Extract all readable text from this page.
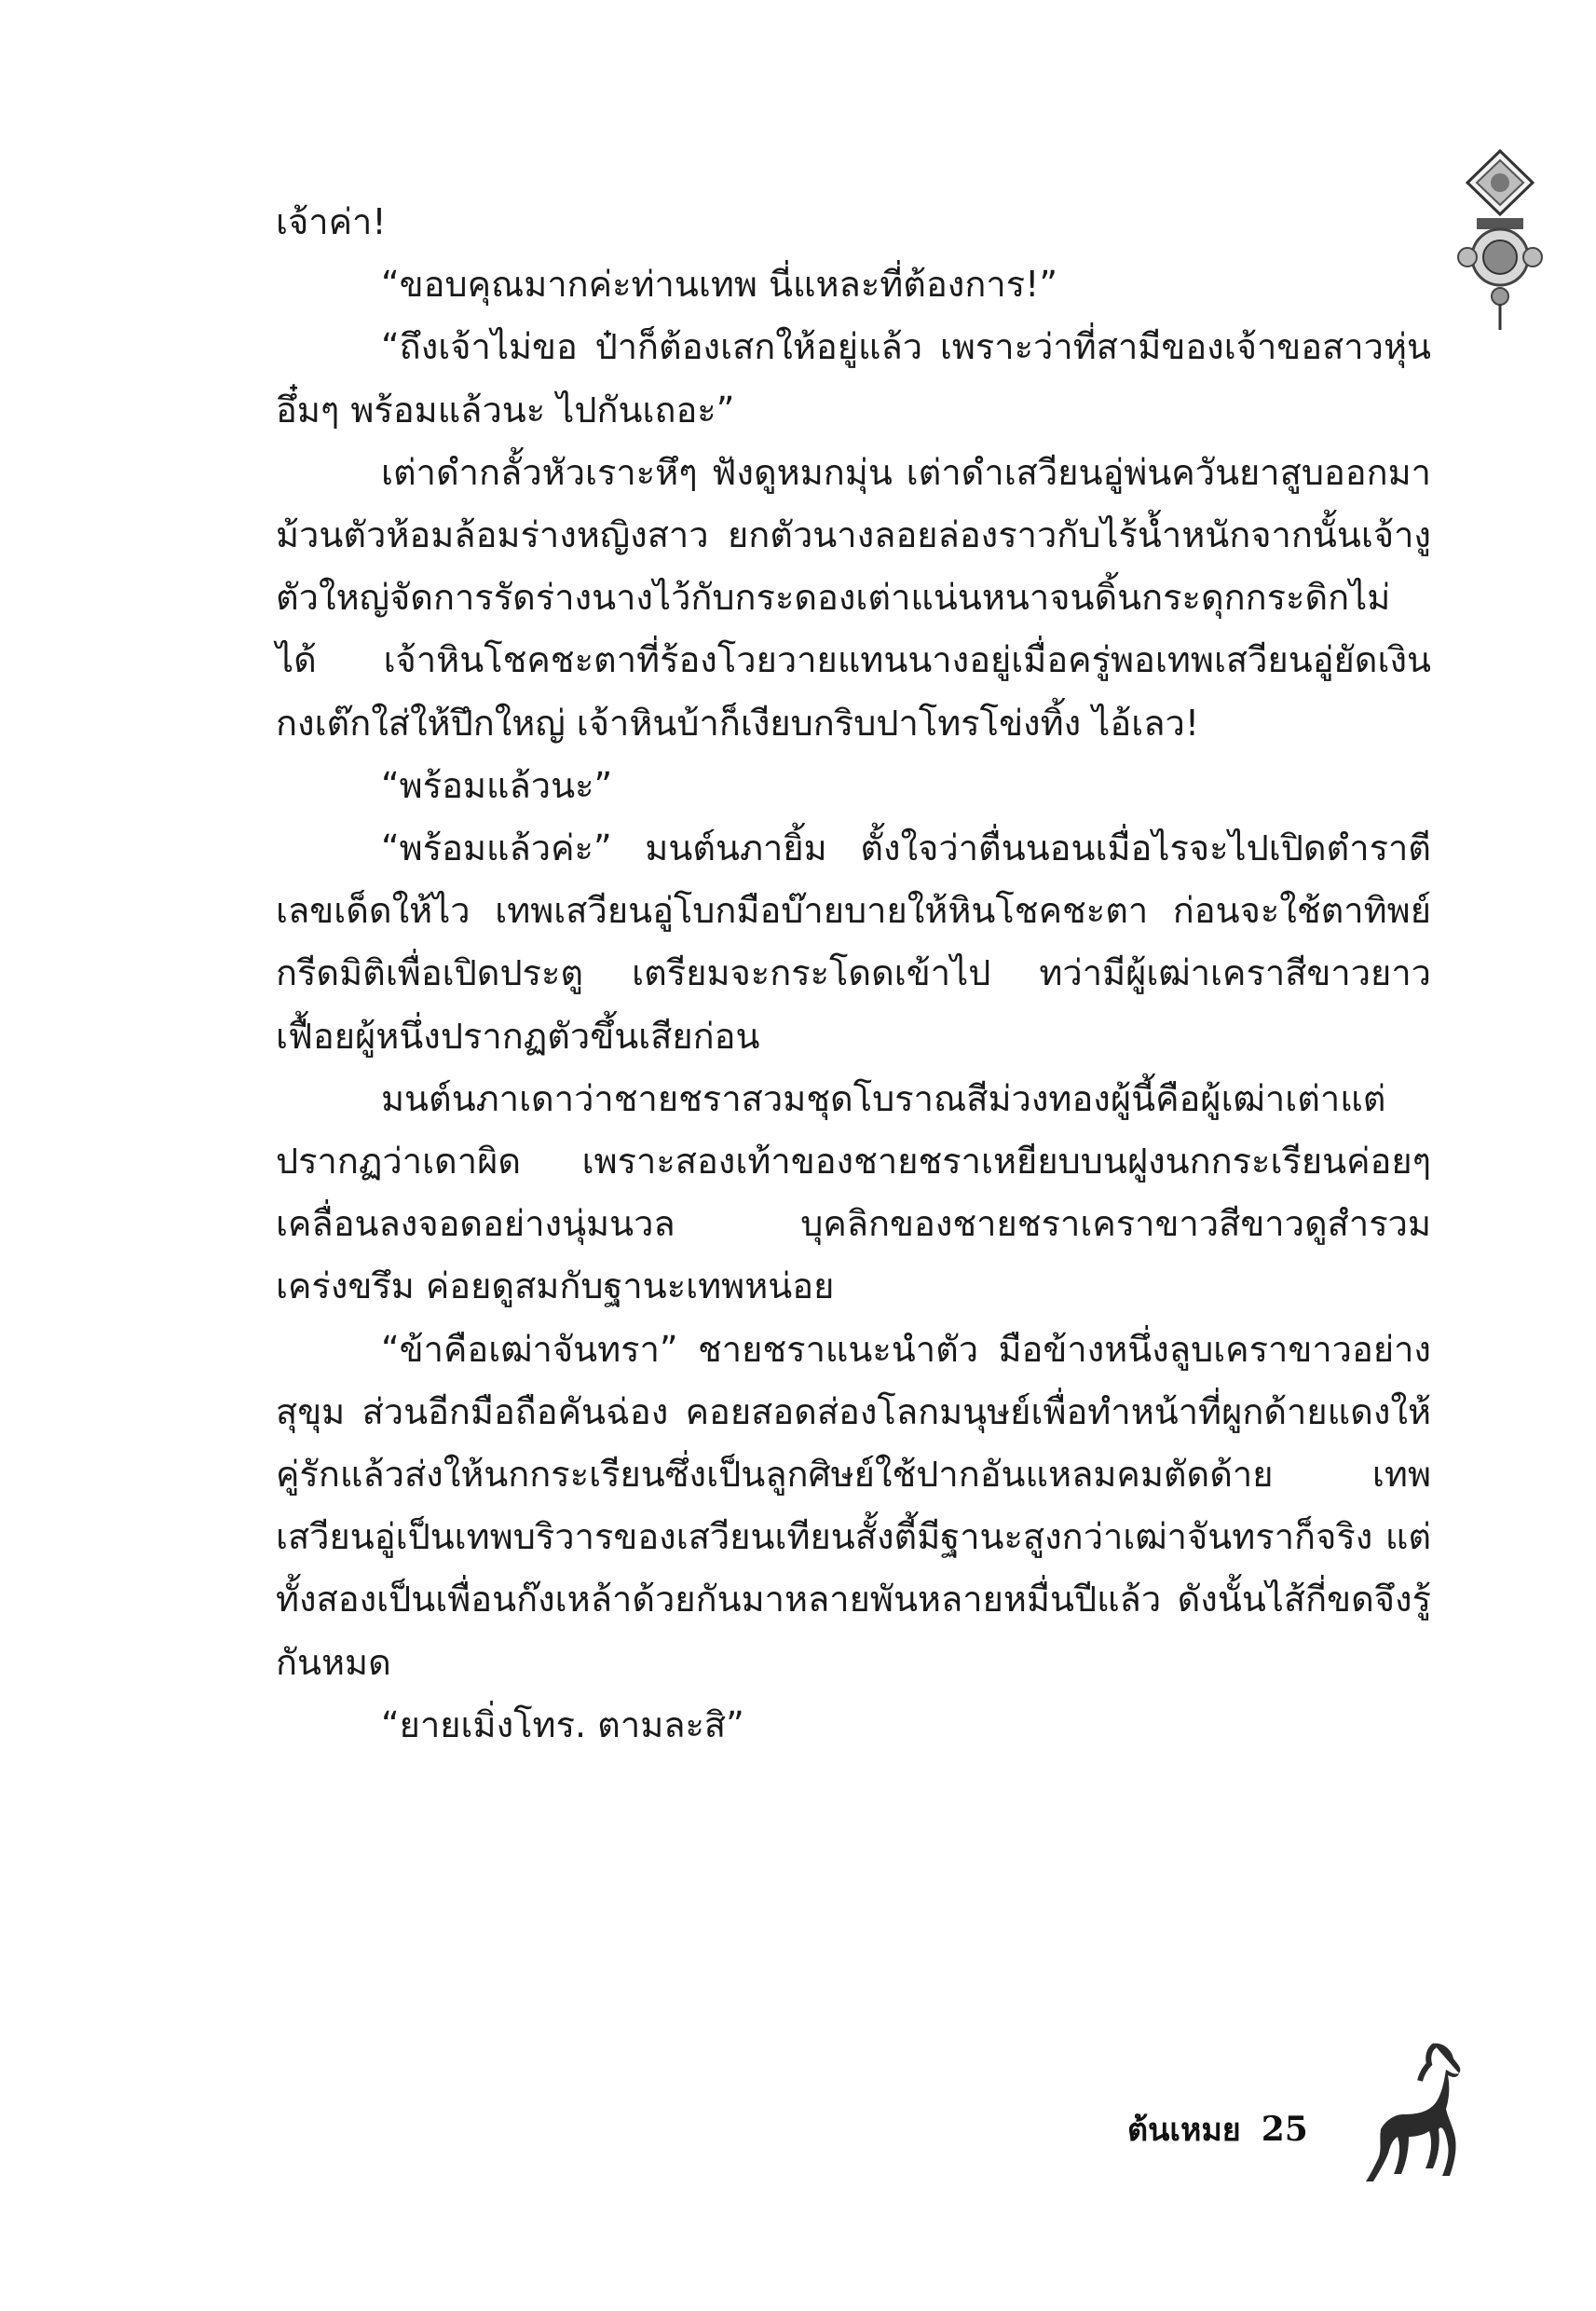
เจ้าค่า!

“ขอบคุณมากค่ะท่านเทพ นี่แหละที่ต้องการ!”

“ถึงเจ้าไม่ขอ ป๋าก็ต้องเสกให้อยู่แล้ว เพราะว่าที่สามีของเจ้าขอสาวหุ่นอึ๋มๆ พร้อมแล้วนะ ไปกันเถอะ”

เต่าดำกลั้วหัวเราะหึๆ ฟังดูหมกมุ่น เต่าดำเสวียนอู่พ่นควันยาสูบออกมาม้วนตัวห้อมล้อมร่างหญิงสาว ยกตัวนางลอยล่องราวกับไร้น้ำหนักจากนั้นเจ้างูตัวใหญ่จัดการรัดร่างนางไว้กับกระดองเต่าแน่นหนาจนดิ้นกระดุกกระดิกไม่ได้ เจ้าหินโชคชะตาที่ร้องโวยวายแทนนางอยู่เมื่อครู่พอเทพเสวียนอู่ยัดเงินกงเต๊กใส่ให้ปึกใหญ่ เจ้าหินบ้าก็เงียบกริบปาโทรโข่งทิ้ง ไอ้เลว!

“พร้อมแล้วนะ”

“พร้อมแล้วค่ะ” มนต์นภายิ้ม ตั้งใจว่าตื่นนอนเมื่อไรจะไปเปิดตำราตีเลขเด็ดให้ไว เทพเสวียนอู่โบกมือบ๊ายบายให้หินโชคชะตา ก่อนจะใช้ตาทิพย์กรีดมิติเพื่อเปิดประตู เตรียมจะกระโดดเข้าไป ทว่ามีผู้เฒ่าเคราสีขาวยาวเฟื้อยผู้หนึ่งปรากฏตัวขึ้นเสียก่อน

มนต์นภาเดาว่าชายชราสวมชุดโบราณสีม่วงทองผู้นี้คือผู้เฒ่าเต่าแต่ปรากฏว่าเดาผิด เพราะสองเท้าของชายชราเหยียบบนฝูงนกกระเรียนค่อยๆ เคลื่อนลงจอดอย่างนุ่มนวล บุคลิกของชายชราเคราขาวสีขาวดูสำรวมเคร่งขรึม ค่อยดูสมกับฐานะเทพหน่อย

“ข้าคือเฒ่าจันทรา” ชายชราแนะนำตัว มือข้างหนึ่งลูบเคราขาวอย่างสุขุม ส่วนอีกมือถือคันฉ่อง คอยสอดส่องโลกมนุษย์เพื่อทำหน้าที่ผูกด้ายแดงให้คู่รักแล้วส่งให้นกกระเรียนซึ่งเป็นลูกศิษย์ใช้ปากอันแหลมคมตัดด้าย เทพเสวียนอู่เป็นเทพบริวารของเสวียนเทียนสั้งตี้มีฐานะสูงกว่าเฒ่าจันทราก็จริง แต่ทั้งสองเป็นเพื่อนก๊งเหล้าด้วยกันมาหลายพันหลายหมื่นปีแล้ว ดังนั้นไส้กี่ขดจึงรู้กันหมด

“ยายเมิ่งโทร. ตามละสิ”

ต้นเหมย 25
